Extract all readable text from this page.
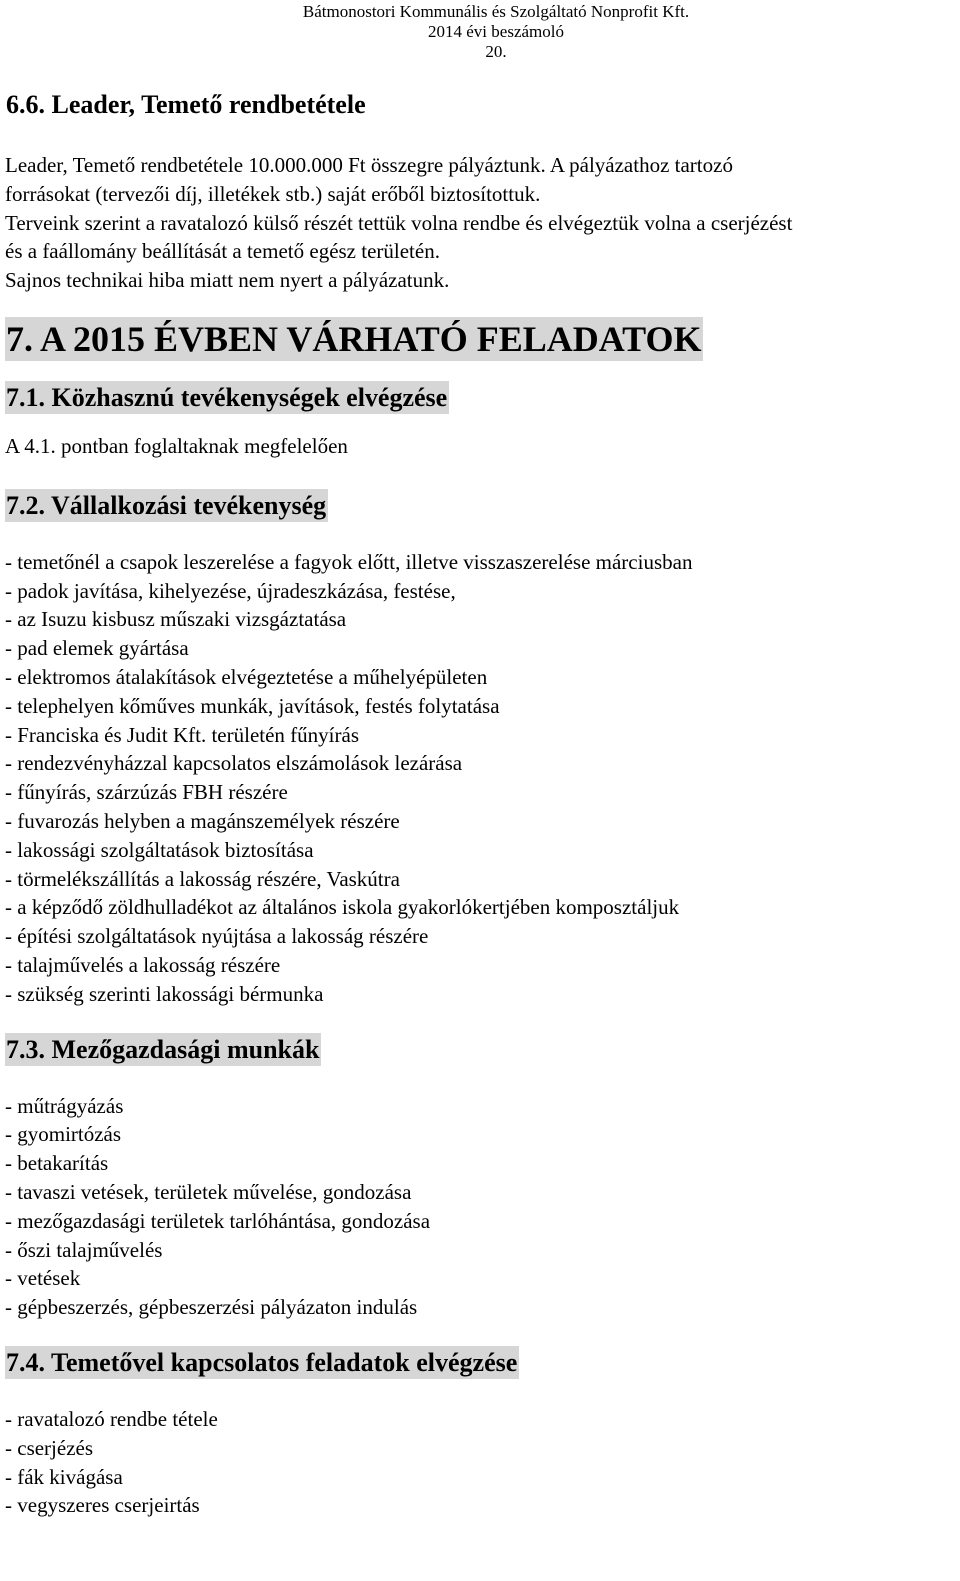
Bátmonostori Kommunális és Szolgáltató Nonprofit Kft.
2014 évi beszámoló
20.
6.6. Leader, Temető rendbetétele

Leader, Temető rendbetétele 10.000.000 Ft összegre pályáztunk. A pályázathoz tartozó

forrásokat (tervezői díj, illetékek stb.) saját erőből biztosítottuk.

Terveink szerint a ravatalozó külső részét tettük volna rendbe és elvégeztük volna a cserjézést

és a faállomány beállítását a temető egész területén.

Sajnos technikai hiba miatt nem nyert a pályázatunk.

7. A 2015 ÉVBEN VÁRHATÓ FELADATOK
7.1. Közhasznú tevékenységek elvégzése

A 4.1. pontban foglaltaknak megfelelően

7.2. Vállalkozási tevékenység
- temetőnél a csapok leszerelése a fagyok előtt, illetve visszaszerelése márciusban
- padok javítása, kihelyezése, újradeszkázása, festése,
- az Isuzu kisbusz műszaki vizsgáztatása
- pad elemek gyártása
- elektromos átalakítások elvégeztetése a műhelyépületen
- telephelyen kőműves munkák, javítások, festés folytatása
- Franciska és Judit Kft. területén fűnyírás
- rendezvényházzal kapcsolatos elszámolások lezárása
- fűnyírás, szárzúzás FBH részére
- fuvarozás helyben a magánszemélyek részére
- lakossági szolgáltatások biztosítása
- törmelékszállítás a lakosság részére, Vaskútra
- a képződő zöldhulladékot az általános iskola gyakorlókertjében komposztáljuk
- építési szolgáltatások nyújtása a lakosság részére
- talajművelés a lakosság részére
- szükség szerinti lakossági bérmunka
7.3. Mezőgazdasági munkák
- műtrágyázás
- gyomirtózás
- betakarítás
- tavaszi vetések, területek művelése, gondozása
- mezőgazdasági területek tarlóhántása, gondozása
- őszi talajművelés
- vetések
- gépbeszerzés, gépbeszerzési pályázaton indulás
7.4. Temetővel kapcsolatos feladatok elvégzése
- ravatalozó rendbe tétele
- cserjézés
- fák kivágása
- vegyszeres cserjeirtás
